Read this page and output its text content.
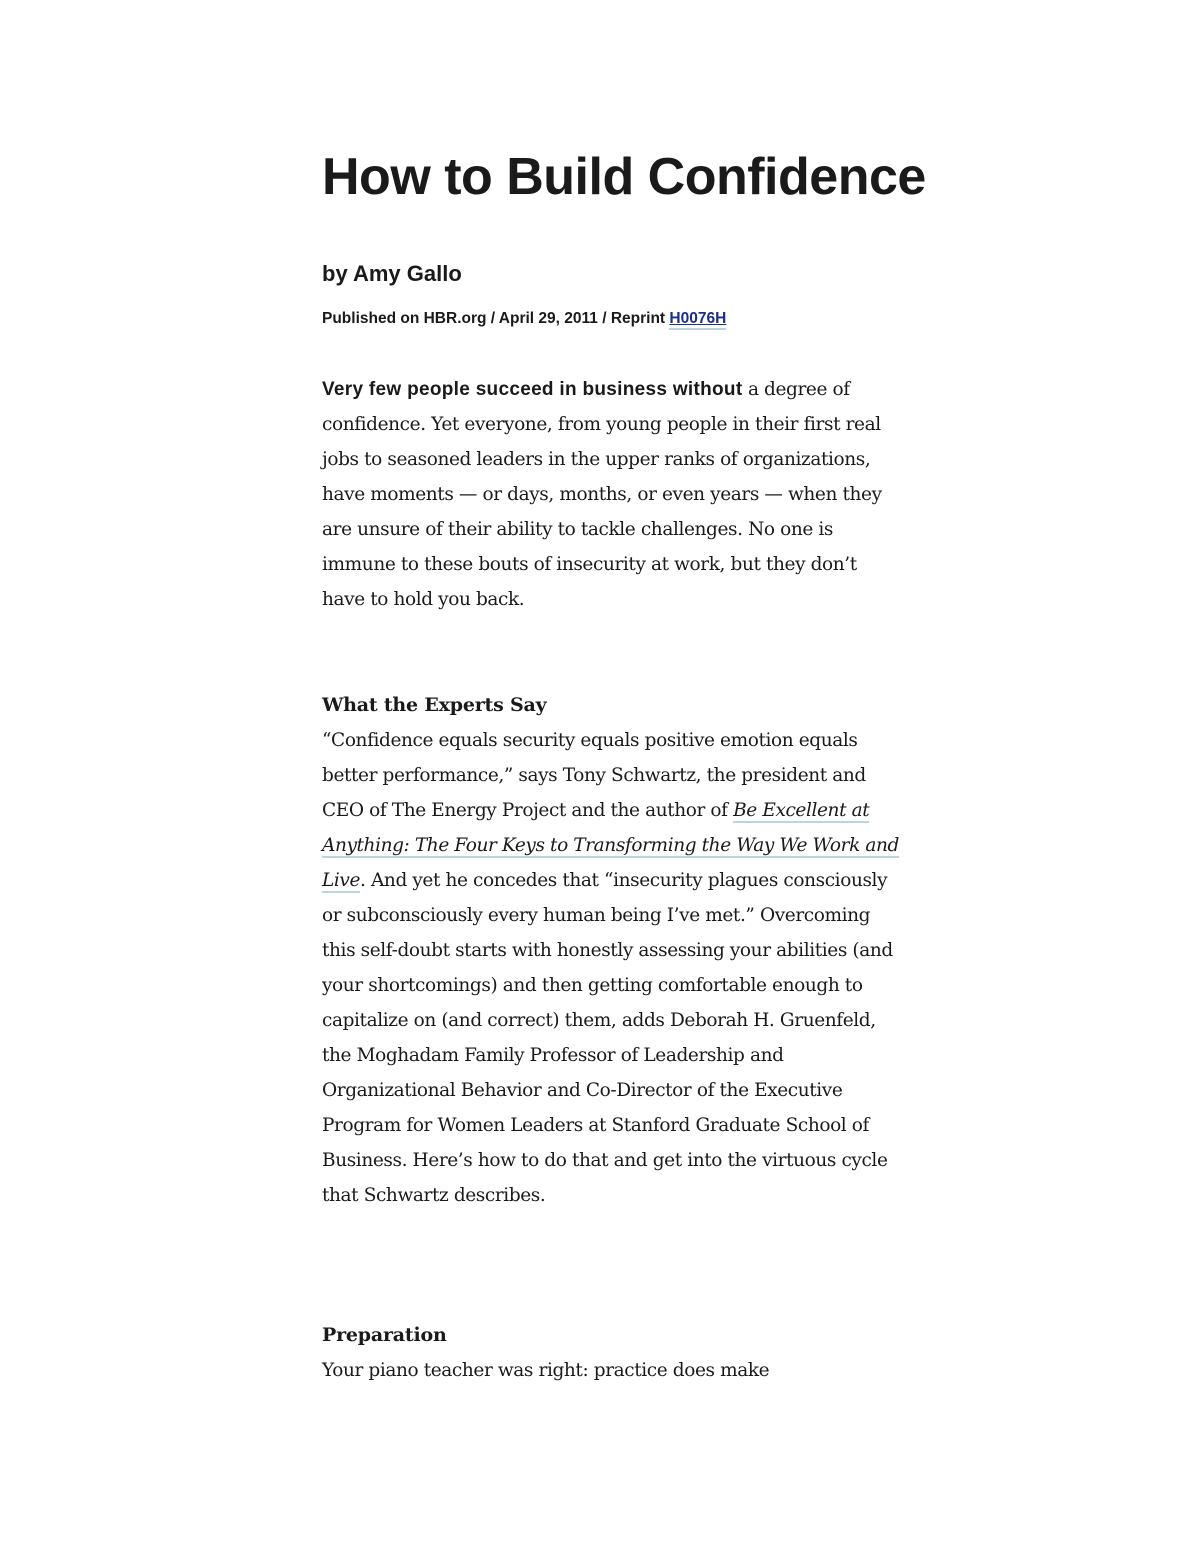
How to Build Confidence

by Amy Gallo

Published on HBR.org / April 29, 2011 / Reprint H0076H

Very few people succeed in business without a degree of confidence. Yet everyone, from young people in their first real jobs to seasoned leaders in the upper ranks of organizations, have moments — or days, months, or even years — when they are unsure of their ability to tackle challenges. No one is immune to these bouts of insecurity at work, but they don’t have to hold you back.

What the Experts Say

“Confidence equals security equals positive emotion equals better performance,” says Tony Schwartz, the president and CEO of The Energy Project and the author of Be Excellent at Anything: The Four Keys to Transforming the Way We Work and Live. And yet he concedes that “insecurity plagues consciously or subconsciously every human being I’ve met.” Overcoming this self-doubt starts with honestly assessing your abilities (and your shortcomings) and then getting comfortable enough to capitalize on (and correct) them, adds Deborah H. Gruenfeld, the Moghadam Family Professor of Leadership and Organizational Behavior and Co-Director of the Executive Program for Women Leaders at Stanford Graduate School of Business. Here’s how to do that and get into the virtuous cycle that Schwartz describes.

Preparation

Your piano teacher was right: practice does make
